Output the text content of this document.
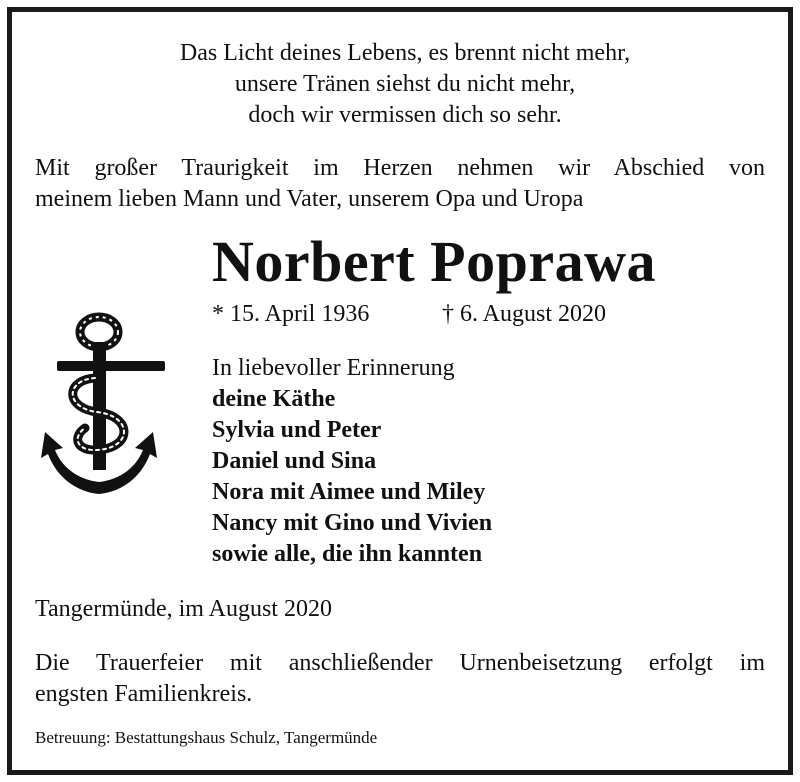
Das Licht deines Lebens, es brennt nicht mehr,
unsere Tränen siehst du nicht mehr,
doch wir vermissen dich so sehr.
Mit großer Traurigkeit im Herzen nehmen wir Abschied von
meinem lieben Mann und Vater, unserem Opa und Uropa
Norbert Poprawa
* 15. April 1936	† 6. August 2020
In liebevoller Erinnerung
deine Käthe
Sylvia und Peter
Daniel und Sina
Nora mit Aimee und Miley
Nancy mit Gino und Vivien
sowie alle, die ihn kannten
Tangermünde, im August 2020
Die Trauerfeier mit anschließender Urnenbeisetzung erfolgt im
engsten Familienkreis.
Betreuung: Bestattungshaus Schulz, Tangermünde
